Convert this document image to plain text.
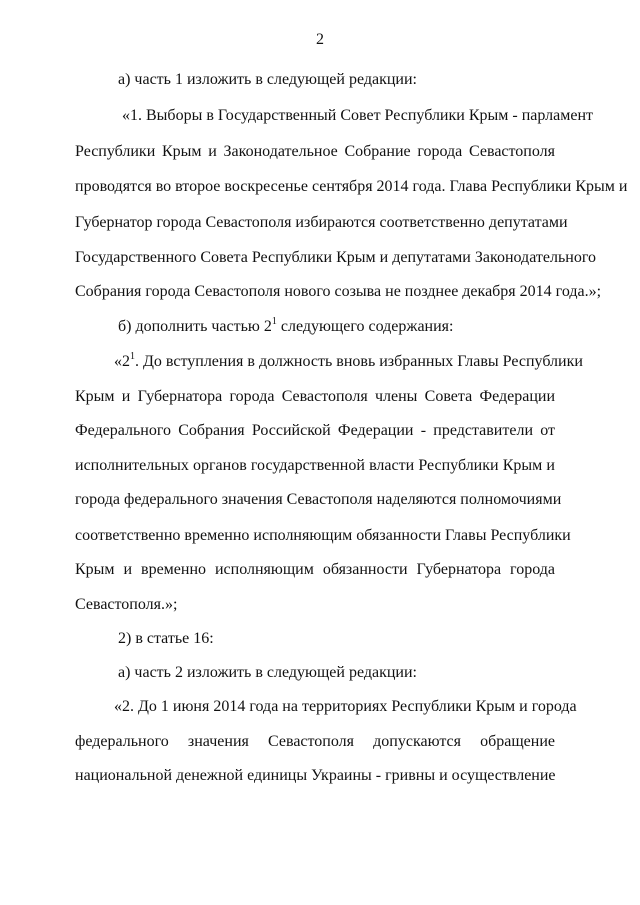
2
а) часть 1 изложить в следующей редакции:
«1. Выборы в Государственный Совет Республики Крым - парламент
Республики Крым и Законодательное Собрание города Севастополя
проводятся во второе воскресенье сентября 2014 года. Глава Республики Крым и
Губернатор города Севастополя избираются соответственно депутатами
Государственного Совета Республики Крым и депутатами Законодательного
Собрания города Севастополя нового созыва не позднее декабря 2014 года.»;
б) дополнить частью $2^1$ следующего содержания:
«$2^1$. До вступления в должность вновь избранных Главы Республики
Крым и Губернатора города Севастополя члены Совета Федерации
Федерального Собрания Российской Федерации - представители от
исполнительных органов государственной власти Республики Крым и
города федерального значения Севастополя наделяются полномочиями
соответственно временно исполняющим обязанности Главы Республики
Крым и временно исполняющим обязанности Губернатора города
Севастополя.»;
2) в статье 16:
а) часть 2 изложить в следующей редакции:
«2. До 1 июня 2014 года на территориях Республики Крым и города
федерального значения Севастополя допускаются обращение
национальной денежной единицы Украины - гривны и осуществление
